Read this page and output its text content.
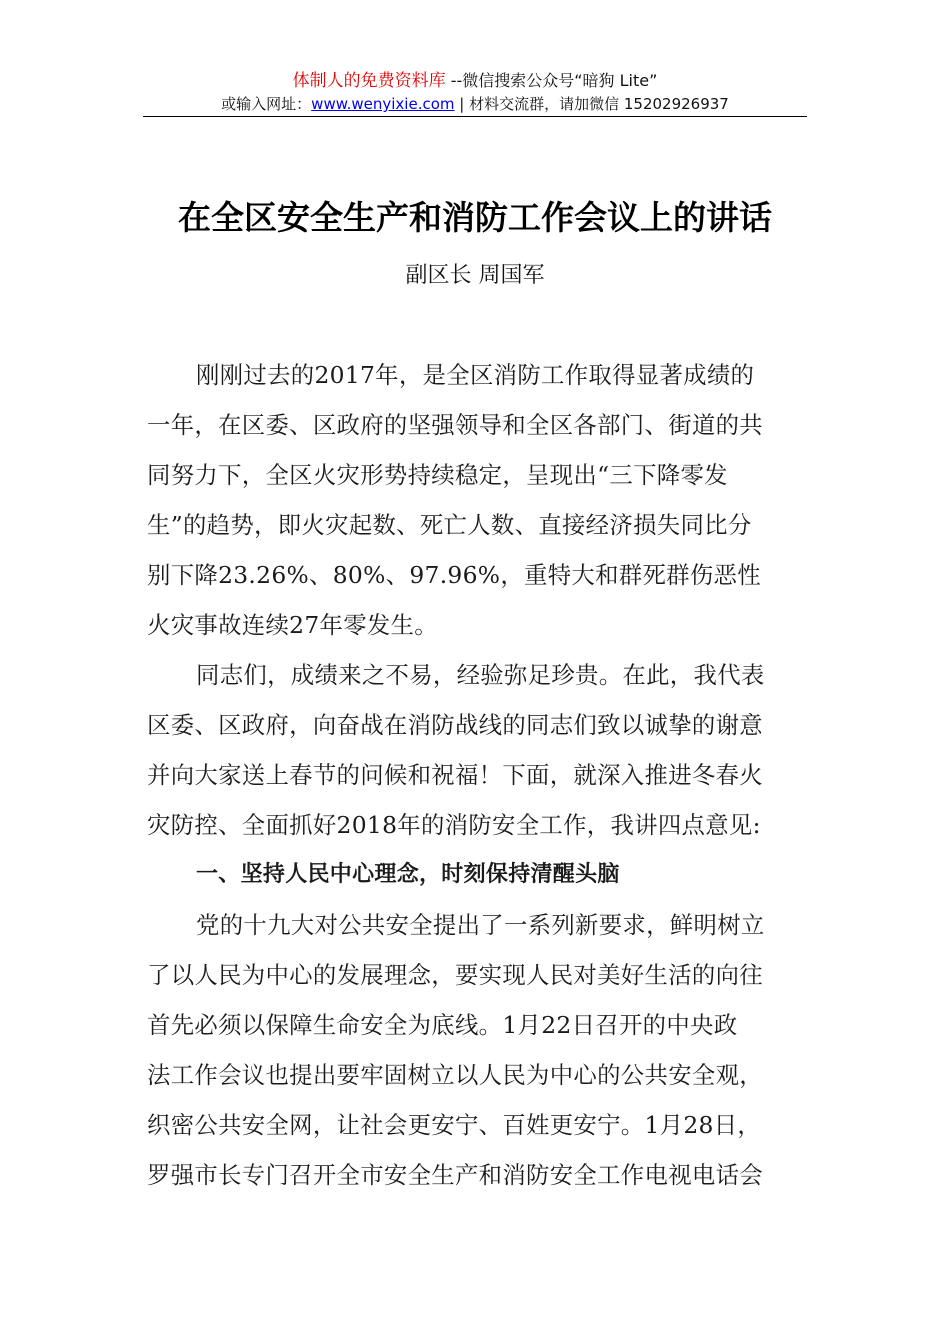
体制人的免费资料库 --微信搜索公众号“暗狗 Lite”
或输入网址：www.wenyixie.com | 材料交流群，请加微信 15202926937
在全区安全生产和消防工作会议上的讲话
副区长 周国军
刚刚过去的2017年，是全区消防工作取得显著成绩的
一年，在区委、区政府的坚强领导和全区各部门、街道的共
同努力下，全区火灾形势持续稳定，呈现出“三下降零发
生”的趋势，即火灾起数、死亡人数、直接经济损失同比分
别下降23.26%、80%、97.96%，重特大和群死群伤恶性
火灾事故连续27年零发生。
同志们，成绩来之不易，经验弥足珍贵。在此，我代表
区委、区政府，向奋战在消防战线的同志们致以诚挚的谢意
并向大家送上春节的问候和祝福！下面，就深入推进冬春火
灾防控、全面抓好2018年的消防安全工作，我讲四点意见:
一、坚持人民中心理念，时刻保持清醒头脑
党的十九大对公共安全提出了一系列新要求，鲜明树立
了以人民为中心的发展理念，要实现人民对美好生活的向往
首先必须以保障生命安全为底线。1月22日召开的中央政
法工作会议也提出要牢固树立以人民为中心的公共安全观，
织密公共安全网，让社会更安宁、百姓更安宁。1月28日，
罗强市长专门召开全市安全生产和消防安全工作电视电话会
